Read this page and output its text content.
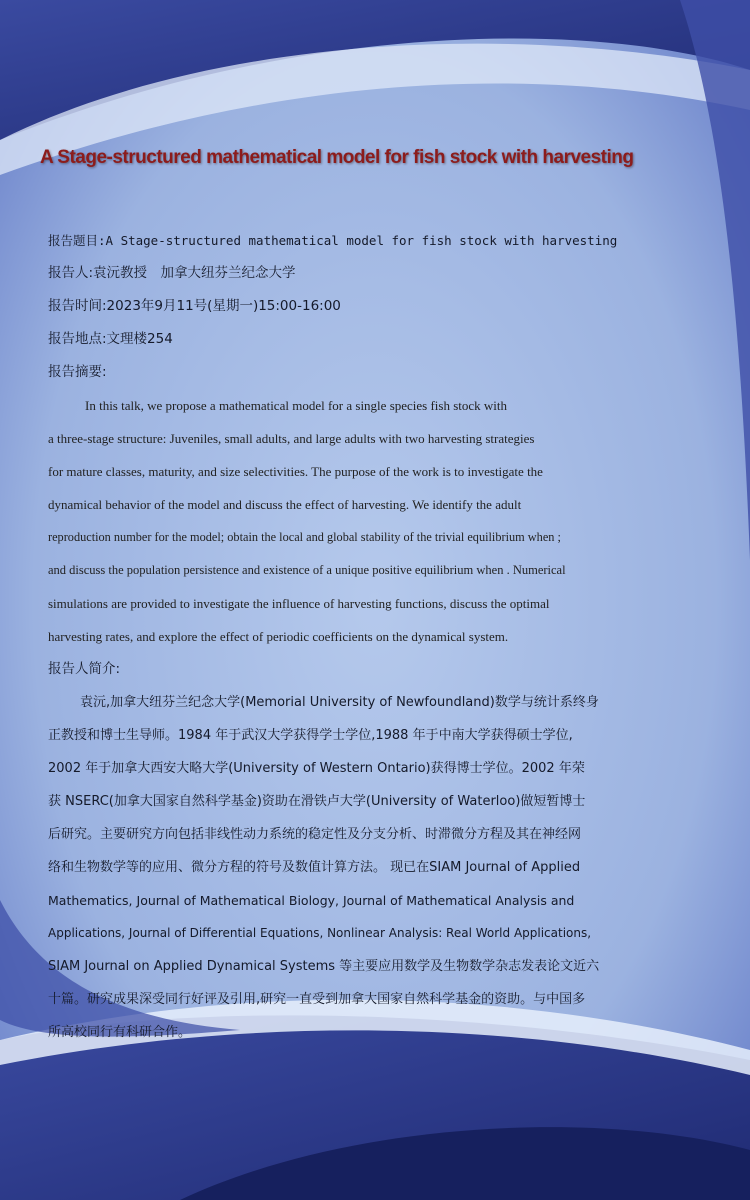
A Stage-structured mathematical model for fish stock with harvesting
报告题目:A Stage-structured mathematical model for fish stock with harvesting
报告人:袁沅教授　加拿大纽芬兰纪念大学
报告时间:2023年9月11号(星期一)15:00-16:00
报告地点:文理楼254
报告摘要:
In this talk, we propose a mathematical model for a single species fish stock with
a three-stage structure: Juveniles, small adults, and large adults with two harvesting strategies
for mature classes, maturity, and size selectivities. The purpose of the work is to investigate the
dynamical behavior of the model and discuss the effect of harvesting. We identify the adult
reproduction number for the model; obtain the local and global stability of the trivial equilibrium when ;
and discuss the population persistence and existence of a unique positive equilibrium when . Numerical
simulations are provided to investigate the influence of harvesting functions, discuss the optimal
harvesting rates, and explore the effect of periodic coefficients on the dynamical system.
报告人简介:
袁沅,加拿大纽芬兰纪念大学(Memorial University of Newfoundland)数学与统计系终身
正教授和博士生导师。1984 年于武汉大学获得学士学位,1988 年于中南大学获得硕士学位,
2002 年于加拿大西安大略大学(University of Western Ontario)获得博士学位。2002 年荣
获 NSERC(加拿大国家自然科学基金)资助在滑铁卢大学(University of Waterloo)做短暂博士
后研究。主要研究方向包括非线性动力系统的稳定性及分支分析、时滞微分方程及其在神经网
络和生物数学等的应用、微分方程的符号及数值计算方法。 现已在SIAM Journal of Applied
Mathematics, Journal of Mathematical Biology, Journal of Mathematical Analysis and
Applications, Journal of Differential Equations, Nonlinear Analysis: Real World Applications,
SIAM Journal on Applied Dynamical Systems 等主要应用数学及生物数学杂志发表论文近六
十篇。研究成果深受同行好评及引用,研究一直受到加拿大国家自然科学基金的资助。与中国多
所高校同行有科研合作。
